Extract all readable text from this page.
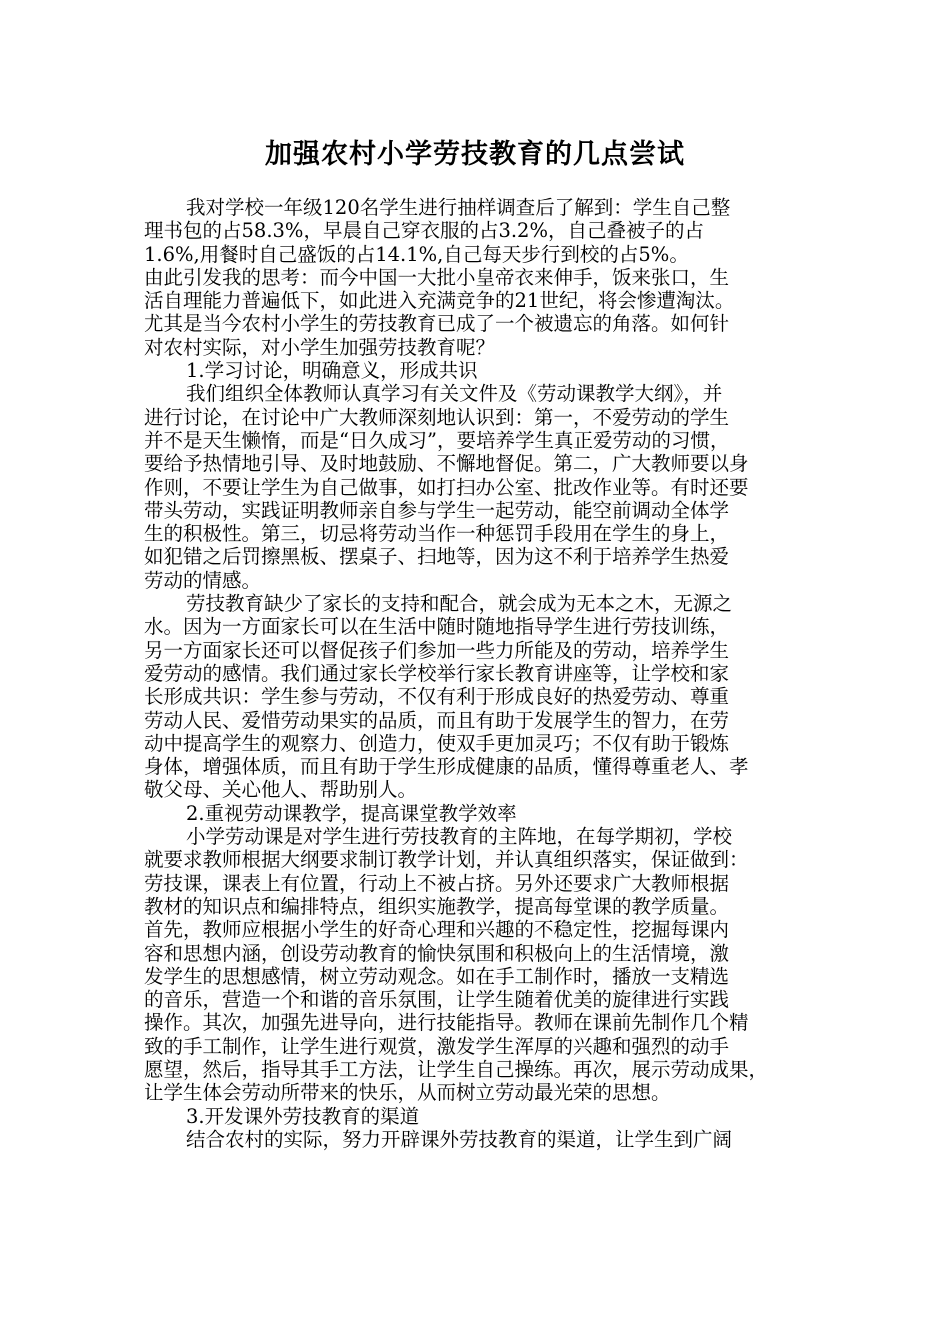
加强农村小学劳技教育的几点尝试
我对学校一年级120名学生进行抽样调查后了解到：学生自己整
理书包的占58.3%，早晨自己穿衣服的占3.2%，自己叠被子的占
1.6%,用餐时自己盛饭的占14.1%,自己每天步行到校的占5%。
由此引发我的思考：而今中国一大批小皇帝衣来伸手，饭来张口，生
活自理能力普遍低下，如此进入充满竞争的21世纪，将会惨遭淘汰。
尤其是当今农村小学生的劳技教育已成了一个被遗忘的角落。如何针
对农村实际，对小学生加强劳技教育呢？
1.学习讨论，明确意义，形成共识
我们组织全体教师认真学习有关文件及《劳动课教学大纲》，并
进行讨论，在讨论中广大教师深刻地认识到：第一，不爱劳动的学生
并不是天生懒惰，而是“日久成习”，要培养学生真正爱劳动的习惯，
要给予热情地引导、及时地鼓励、不懈地督促。第二，广大教师要以身
作则，不要让学生为自己做事，如打扫办公室、批改作业等。有时还要
带头劳动，实践证明教师亲自参与学生一起劳动，能空前调动全体学
生的积极性。第三，切忌将劳动当作一种惩罚手段用在学生的身上，
如犯错之后罚擦黑板、摆桌子、扫地等，因为这不利于培养学生热爱
劳动的情感。
劳技教育缺少了家长的支持和配合，就会成为无本之木，无源之
水。因为一方面家长可以在生活中随时随地指导学生进行劳技训练，
另一方面家长还可以督促孩子们参加一些力所能及的劳动，培养学生
爱劳动的感情。我们通过家长学校举行家长教育讲座等，让学校和家
长形成共识：学生参与劳动，不仅有利于形成良好的热爱劳动、尊重
劳动人民、爱惜劳动果实的品质，而且有助于发展学生的智力，在劳
动中提高学生的观察力、创造力，使双手更加灵巧；不仅有助于锻炼
身体，增强体质，而且有助于学生形成健康的品质，懂得尊重老人、孝
敬父母、关心他人、帮助别人。
2.重视劳动课教学，提高课堂教学效率
小学劳动课是对学生进行劳技教育的主阵地，在每学期初，学校
就要求教师根据大纲要求制订教学计划，并认真组织落实，保证做到：
劳技课，课表上有位置，行动上不被占挤。另外还要求广大教师根据
教材的知识点和编排特点，组织实施教学，提高每堂课的教学质量。
首先，教师应根据小学生的好奇心理和兴趣的不稳定性，挖掘每课内
容和思想内涵，创设劳动教育的愉快氛围和积极向上的生活情境，激
发学生的思想感情，树立劳动观念。如在手工制作时，播放一支精选
的音乐，营造一个和谐的音乐氛围，让学生随着优美的旋律进行实践
操作。其次，加强先进导向，进行技能指导。教师在课前先制作几个精
致的手工制作，让学生进行观赏，激发学生浑厚的兴趣和强烈的动手
愿望，然后，指导其手工方法，让学生自己操练。再次，展示劳动成果，
让学生体会劳动所带来的快乐，从而树立劳动最光荣的思想。
3.开发课外劳技教育的渠道
结合农村的实际，努力开辟课外劳技教育的渠道，让学生到广阔
